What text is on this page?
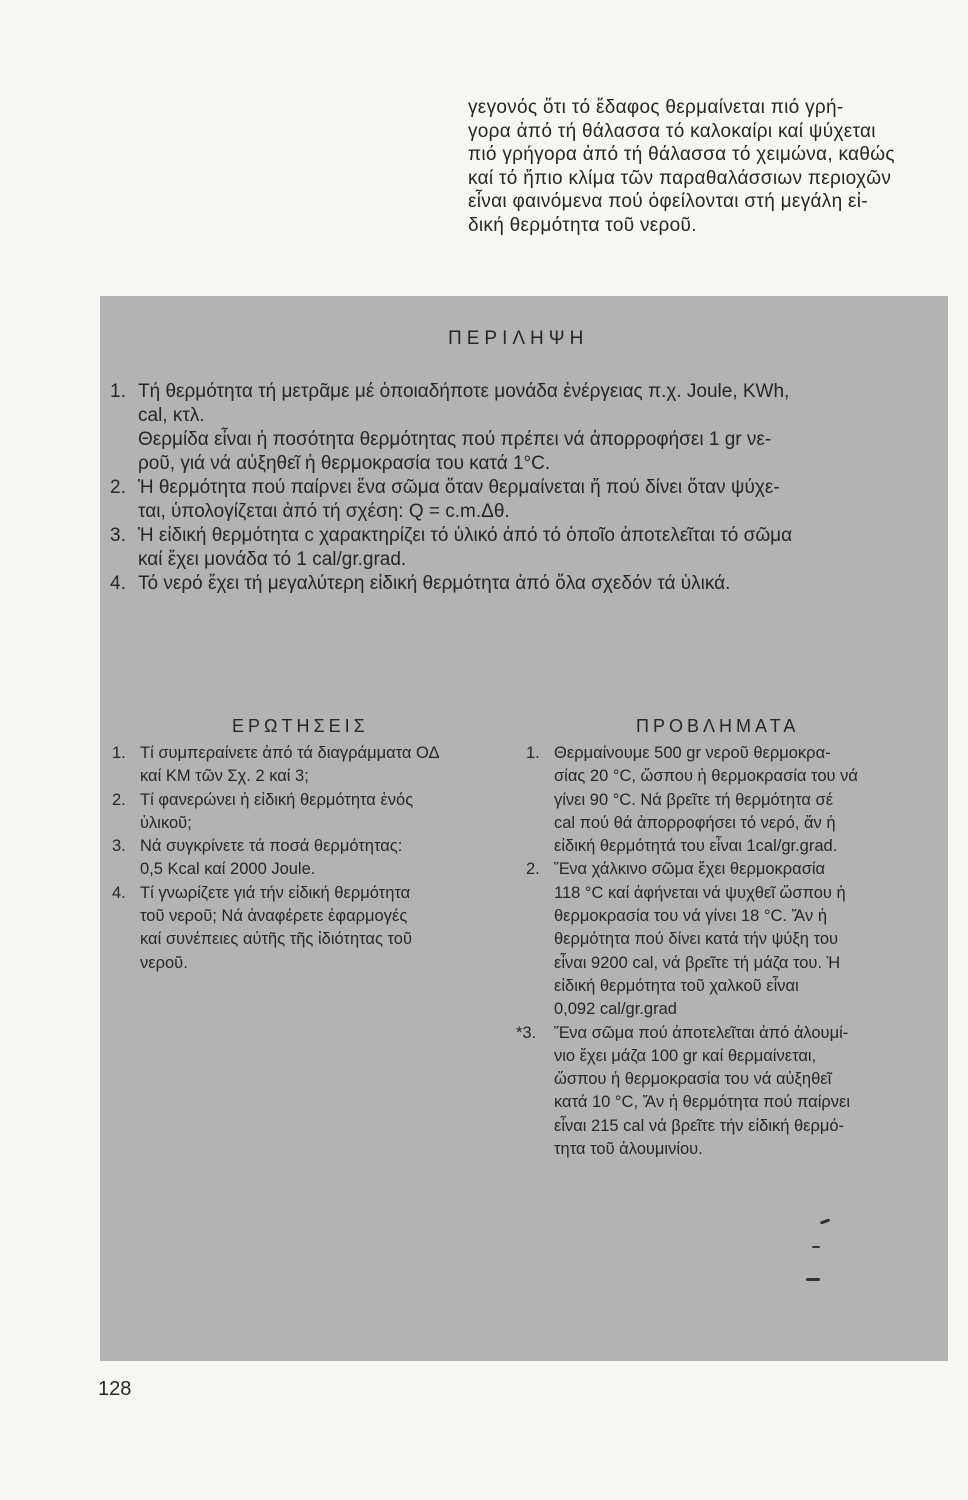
γεγονός ὅτι τό ἔδαφος θερμαίνεται πιό γρή-
γορα ἀπό τή θάλασσα τό καλοκαίρι καί ψύχεται
πιό γρήγορα ἀπό τή θάλασσα τό χειμώνα, καθώς
καί τό ἤπιο κλίμα τῶν παραθαλάσσιων περιοχῶν
εἶναι φαινόμενα πού ὀφείλονται στή μεγάλη εἰ-
δική θερμότητα τοῦ νεροῦ.
ΠΕΡΙΛΗΨΗ
1. Τή θερμότητα τή μετρᾶμε μέ ὁποιαδήποτε μονάδα ἐνέργειας π.χ. Joule, KWh,
cal, κτλ.
Θερμίδα εἶναι ἡ ποσότητα θερμότητας πού πρέπει νά ἀπορροφήσει 1 gr νε-
ροῦ, γιά νά αὐξηθεῖ ἡ θερμοκρασία του κατά 1°C.
2. Ἡ θερμότητα πού παίρνει ἕνα σῶμα ὅταν θερμαίνεται ἤ πού δίνει ὅταν ψύχε-
ται, ὑπολογίζεται ἀπό τή σχέση: Q = c.m.Δθ.
3. Ἡ εἰδική θερμότητα c χαρακτηρίζει τό ὑλικό ἀπό τό ὁποῖο ἀποτελεῖται τό σῶμα
καί ἔχει μονάδα τό 1 cal/gr.grad.
4. Τό νερό ἔχει τή μεγαλύτερη εἰδική θερμότητα ἀπό ὅλα σχεδόν τά ὑλικά.
ΕΡΩΤΗΣΕΙΣ
1. Τί συμπεραίνετε ἀπό τά διαγράμματα ΟΔ
καί ΚΜ τῶν Σχ. 2 καί 3;
2. Τί φανερώνει ἡ εἰδική θερμότητα ἑνός
ὑλικοῦ;
3. Νά συγκρίνετε τά ποσά θερμότητας:
0,5 Kcal καί 2000 Joule.
4. Τί γνωρίζετε γιά τήν εἰδική θερμότητα
τοῦ νεροῦ; Νά ἀναφέρετε ἐφαρμογές
καί συνέπειες αὐτῆς τῆς ἰδιότητας τοῦ
νεροῦ.
ΠΡΟΒΛΗΜΑΤΑ
1. Θερμαίνουμε 500 gr νεροῦ θερμοκρα-
σίας 20 °C, ὥσπου ἡ θερμοκρασία του νά
γίνει 90 °C. Νά βρεῖτε τή θερμότητα σέ
cal πού θά ἀπορροφήσει τό νερό, ἄν ἡ
εἰδική θερμότητά του εἶναι 1cal/gr.grad.
2. Ἕνα χάλκινο σῶμα ἔχει θερμοκρασία
118 °C καί ἀφήνεται νά ψυχθεῖ ὥσπου ἡ
θερμοκρασία του νά γίνει 18 °C. Ἄν ἡ
θερμότητα πού δίνει κατά τήν ψύξη του
εἶναι 9200 cal, νά βρεῖτε τή μάζα του. Ἡ
εἰδική θερμότητα τοῦ χαλκοῦ εἶναι
0,092 cal/gr.grad
*3. Ἕνα σῶμα πού ἀποτελεῖται ἀπό ἀλουμί-
νιο ἔχει μάζα 100 gr καί θερμαίνεται,
ὥσπου ἡ θερμοκρασία του νά αὐξηθεῖ
κατά 10 °C, Ἄν ἡ θερμότητα πού παίρνει
εἶναι 215 cal νά βρεῖτε τήν εἰδική θερμό-
τητα τοῦ ἀλουμινίου.

128
